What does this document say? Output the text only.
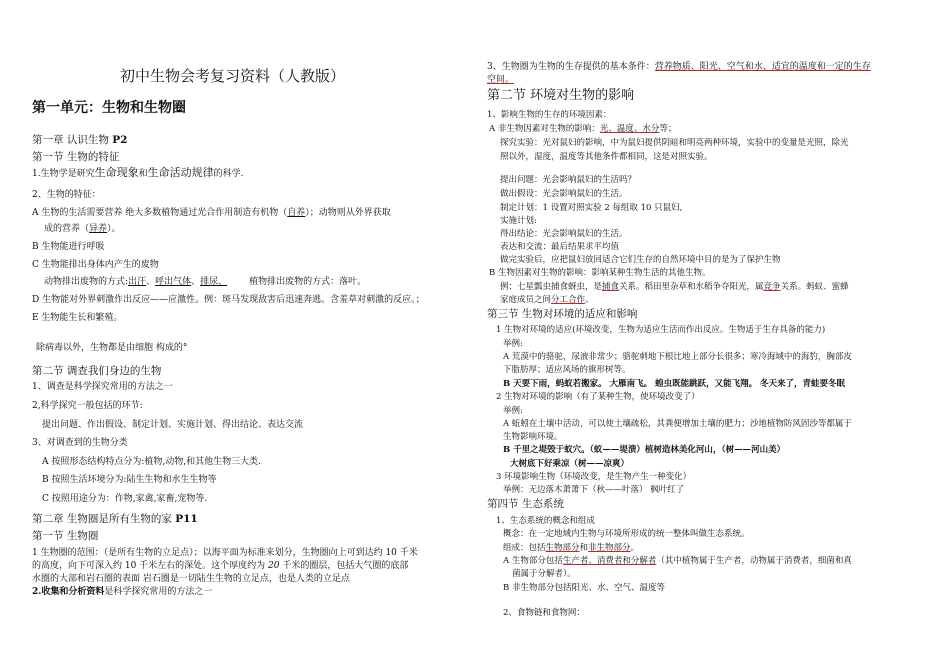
初中生物会考复习资料（人教版）
第一单元：生物和生物圈
第一章 认识生物 P2
第一节 生物的特征
1.生物学是研究生命现象和生命活动规律的科学.
2、生物的特征：
A 生物的生活需要营养 绝大多数植物通过光合作用制造有机物（自养）；动物则从外界获取
成的营养（异养）。
B 生物能进行呼吸
C 生物能排出身体内产生的废物
动物排出废物的方式:出汗、呼出气体、排尿、 植物排出废物的方式：落叶。
D 生物能对外界刺激作出反应——应激性。例：斑马发现敌害后迅速奔逃。含羞草对刺激的反应。；
E 生物能生长和繁殖。
除病毒以外，生物都是由细胞 构成的°
第二节 调查我们身边的生物
1、调查是科学探究常用的方法之一
2,科学探究一般包括的环节:
提出问题、作出假设、制定计划、实施计划、得出结论、表达交流
3、对调查到的生物分类
A 按照形态结构特点分为:植物,动物,和其他生物三大类.
B 按照生活环境分为:陆生生物和水生生物等
C 按照用途分为：作物,家禽,家畜,宠物等.
第二章 生物圈是所有生物的家 P11
第一节 生物圈
1 生物圈的范围：（是所有生物的立足点）；以海平面为标准来划分，生物圈向上可到达约 10 千米
的高度，向下可深入约 10 千米左右的深处。这个厚度约为 20 千米的圈层，包括大气圈的底部
水圈的大部和岩石圈的表面 岩石圈是一切陆生生物的立足点，也是人类的立足点
2.收集和分析资料是科学探究常用的方法之一
3、生物圈为生物的生存提供的基本条件：营养物质、阳光、空气和水、适宜的温度和一定的生存
空间。
第二节 环境对生物的影响
1、影响生物的生存的环境因素：
A 非生物因素对生物的影响：光、温度、水分等；
探究实验：光对鼠妇的影响，中为鼠妇提供阴暗和明亮两种环境，实验中的变量是光照，除光
照以外，湿度，温度等其他条件都相同，这是对照实验。
提出问题：光会影响鼠妇的生活吗？
做出假设：光会影响鼠妇的生活。
制定计划：1 设置对照实验 2 每组取 10 只鼠妇,
实施计划:
得出结论：光会影响鼠妇的生活。
表达和交流：最后结果求平均值
做完实验后，应把鼠妇放回适合它们生存的自然环境中目的是为了保护生物
B 生物因素对生物的影响：影响某种生物生活的其他生物。
例：七星瓢虫捕食蚜虫，是捕食关系。稻田里杂草和水稻争夺阳光，属竞争关系。蚂蚁、蜜蜂
家庭成员之间分工合作。
第三节 生物对环境的适应和影响
1 生物对环境的适应(环境改变，生物为适应生活而作出反应。生物适于生存具备的能力)
举例:
A 荒漠中的骆驼，尿液非常少；骆驼刺地下根比地上部分长很多；寒冷海域中的海豹，胸部皮
下脂肪厚；适应风场的旗形树等。
B 天要下雨，蚂蚁若搬家。 大雁南飞。 蝗虫既能跳跃，又能飞翔。 冬天来了，青蛙要冬眠
2 生物对环境的影响（有了某种生物，使环境改变了）
举例:
A 蚯蚓在土壤中活动，可以使土壤疏松，其粪便增加土壤的肥力；沙地植物防风固沙等都属于
生物影响环境。
B 千里之堤毁于蚁穴。（蚁——堤溃）植树造林美化河山，（树——河山美）
大树底下好乘凉（树——凉爽）
3 环境影响生物（环境改变，是生物产生一种变化）
举例：无边落木萧萧下（秋——叶落） 枫叶红了
第四节 生态系统
1、生态系统的概念和组成
概念：在一定地域内生物与环境所形成的统一整体叫做生态系统。
组成：包括生物部分和非生物部分。
A 生物部分包括生产者、消费者和分解者（其中植物属于生产者，动物属于消费者，细菌和真
菌属于分解者）。
B 非生物部分包括阳光、水、空气、温度等
2、食物链和食物网：
